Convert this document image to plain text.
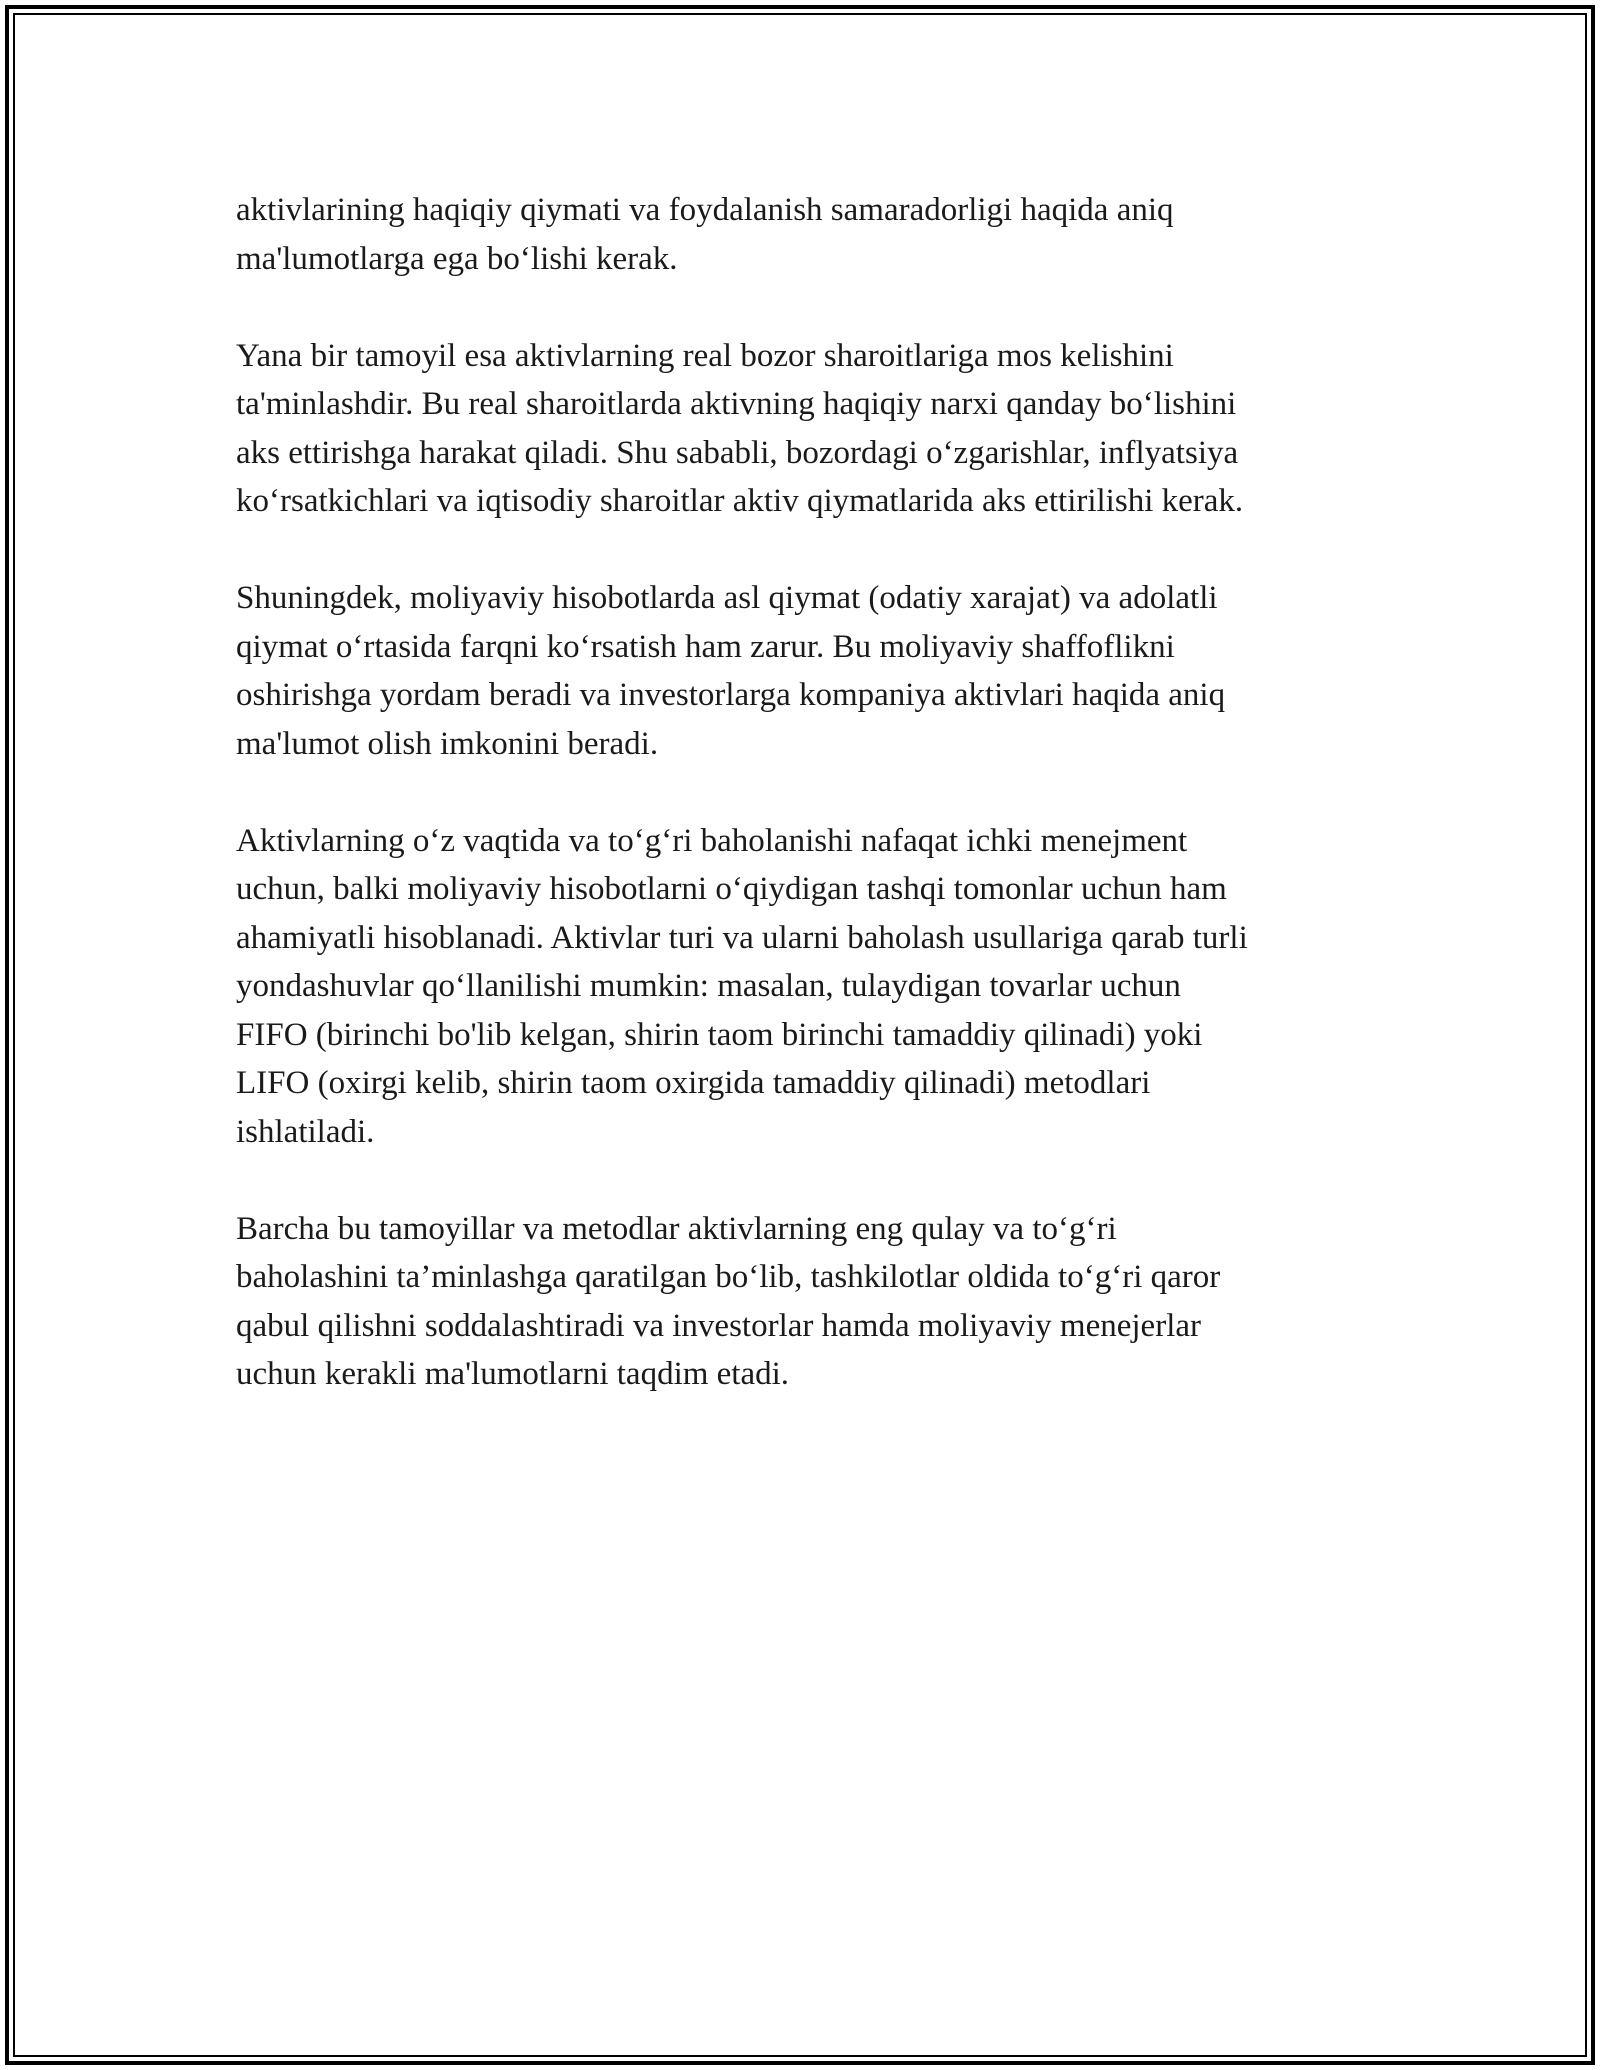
aktivlarining haqiqiy qiymati va foydalanish samaradorligi haqida aniq
ma'lumotlarga ega boʻlishi kerak.

Yana bir tamoyil esa aktivlarning real bozor sharoitlariga mos kelishini
ta'minlashdir. Bu real sharoitlarda aktivning haqiqiy narxi qanday boʻlishini
aks ettirishga harakat qiladi. Shu sababli, bozordagi oʻzgarishlar, inflyatsiya
koʻrsatkichlari va iqtisodiy sharoitlar aktiv qiymatlarida aks ettirilishi kerak.

Shuningdek, moliyaviy hisobotlarda asl qiymat (odatiy xarajat) va adolatli
qiymat oʻrtasida farqni koʻrsatish ham zarur. Bu moliyaviy shaffoflikni
oshirishga yordam beradi va investorlarga kompaniya aktivlari haqida aniq
ma'lumot olish imkonini beradi.

Aktivlarning oʻz vaqtida va toʻgʻri baholanishi nafaqat ichki menejment
uchun, balki moliyaviy hisobotlarni oʻqiydigan tashqi tomonlar uchun ham
ahamiyatli hisoblanadi. Aktivlar turi va ularni baholash usullariga qarab turli
yondashuvlar qoʻllanilishi mumkin: masalan, tulaydigan tovarlar uchun
FIFO (birinchi bo'lib kelgan, shirin taom birinchi tamaddiy qilinadi) yoki
LIFO (oxirgi kelib, shirin taom oxirgida tamaddiy qilinadi) metodlari
ishlatiladi.

Barcha bu tamoyillar va metodlar aktivlarning eng qulay va toʻgʻri
baholashini ta’minlashga qaratilgan boʻlib, tashkilotlar oldida toʻgʻri qaror
qabul qilishni soddalashtiradi va investorlar hamda moliyaviy menejerlar
uchun kerakli ma'lumotlarni taqdim etadi.
